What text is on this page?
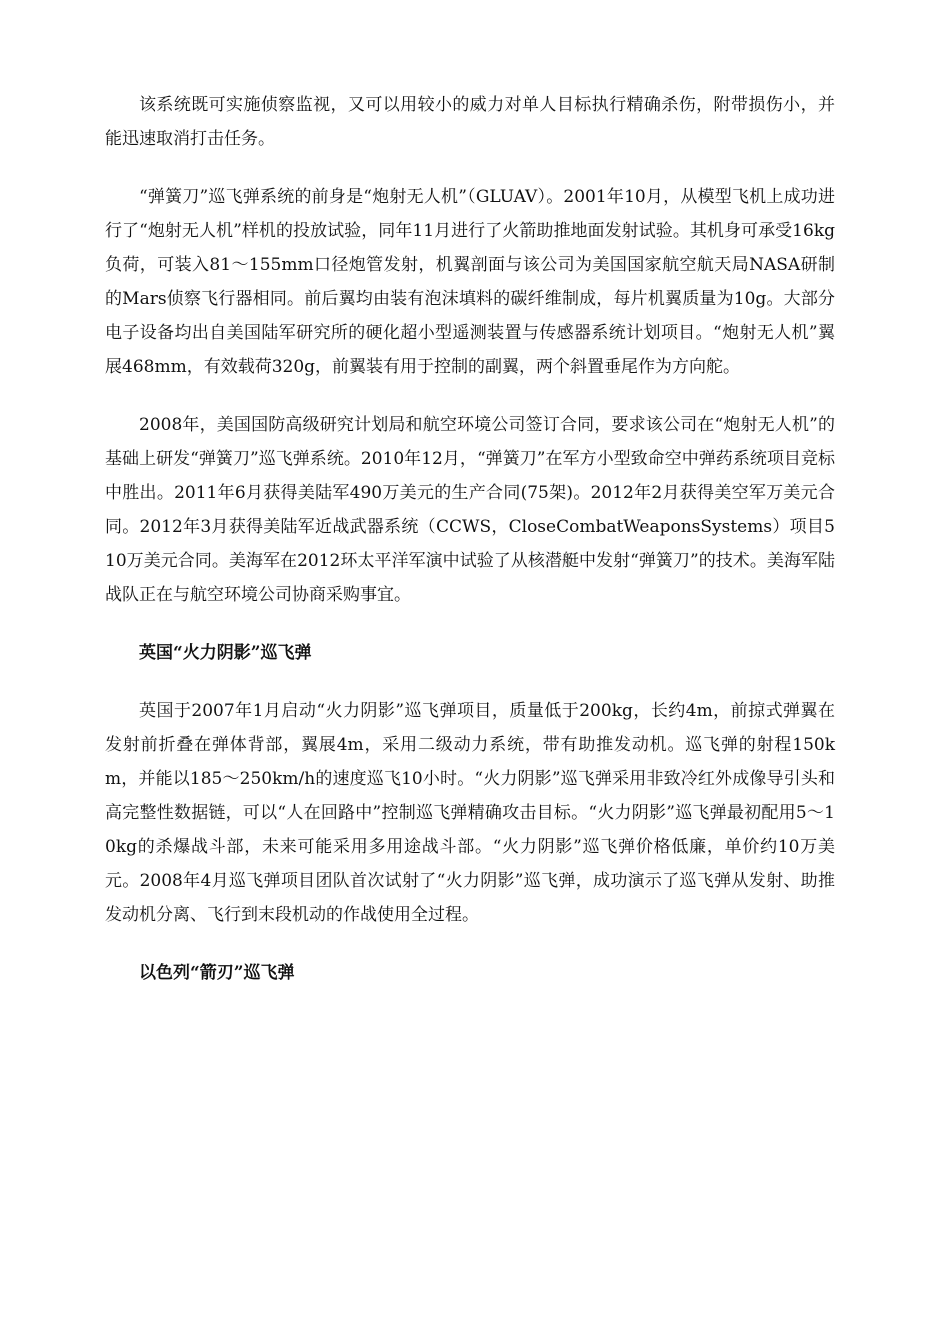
该系统既可实施侦察监视，又可以用较小的威力对单人目标执行精确杀伤，附带损伤小，并能迅速取消打击任务。

“弹簧刀”巡飞弹系统的前身是“炮射无人机”（GLUAV）。2001年10月，从模型飞机上成功进行了“炮射无人机”样机的投放试验，同年11月进行了火箭助推地面发射试验。其机身可承受16kg负荷，可装入81～155mm口径炮管发射，机翼剖面与该公司为美国国家航空航天局NASA研制的Mars侦察飞行器相同。前后翼均由装有泡沫填料的碳纤维制成，每片机翼质量为10g。大部分电子设备均出自美国陆军研究所的硬化超小型遥测装置与传感器系统计划项目。“炮射无人机”翼展468mm，有效载荷320g，前翼装有用于控制的副翼，两个斜置垂尾作为方向舵。

2008年，美国国防高级研究计划局和航空环境公司签订合同，要求该公司在“炮射无人机”的基础上研发“弹簧刀”巡飞弹系统。2010年12月，“弹簧刀”在军方小型致命空中弹药系统项目竞标中胜出。2011年6月获得美陆军490万美元的生产合同(75架)。2012年2月获得美空军万美元合同。2012年3月获得美陆军近战武器系统（CCWS，CloseCombatWeaponsSystems）项目510万美元合同。美海军在2012环太平洋军演中试验了从核潜艇中发射“弹簧刀”的技术。美海军陆战队正在与航空环境公司协商采购事宜。

英国“火力阴影”巡飞弹

英国于2007年1月启动“火力阴影”巡飞弹项目，质量低于200kg，长约4m，前掠式弹翼在发射前折叠在弹体背部，翼展4m，采用二级动力系统，带有助推发动机。巡飞弹的射程150km，并能以185～250km/h的速度巡飞10小时。“火力阴影”巡飞弹采用非致冷红外成像导引头和高完整性数据链，可以“人在回路中”控制巡飞弹精确攻击目标。“火力阴影”巡飞弹最初配用5～10kg的杀爆战斗部，未来可能采用多用途战斗部。“火力阴影”巡飞弹价格低廉，单价约10万美元。2008年4月巡飞弹项目团队首次试射了“火力阴影”巡飞弹，成功演示了巡飞弹从发射、助推发动机分离、飞行到末段机动的作战使用全过程。

以色列“箭刃”巡飞弹
